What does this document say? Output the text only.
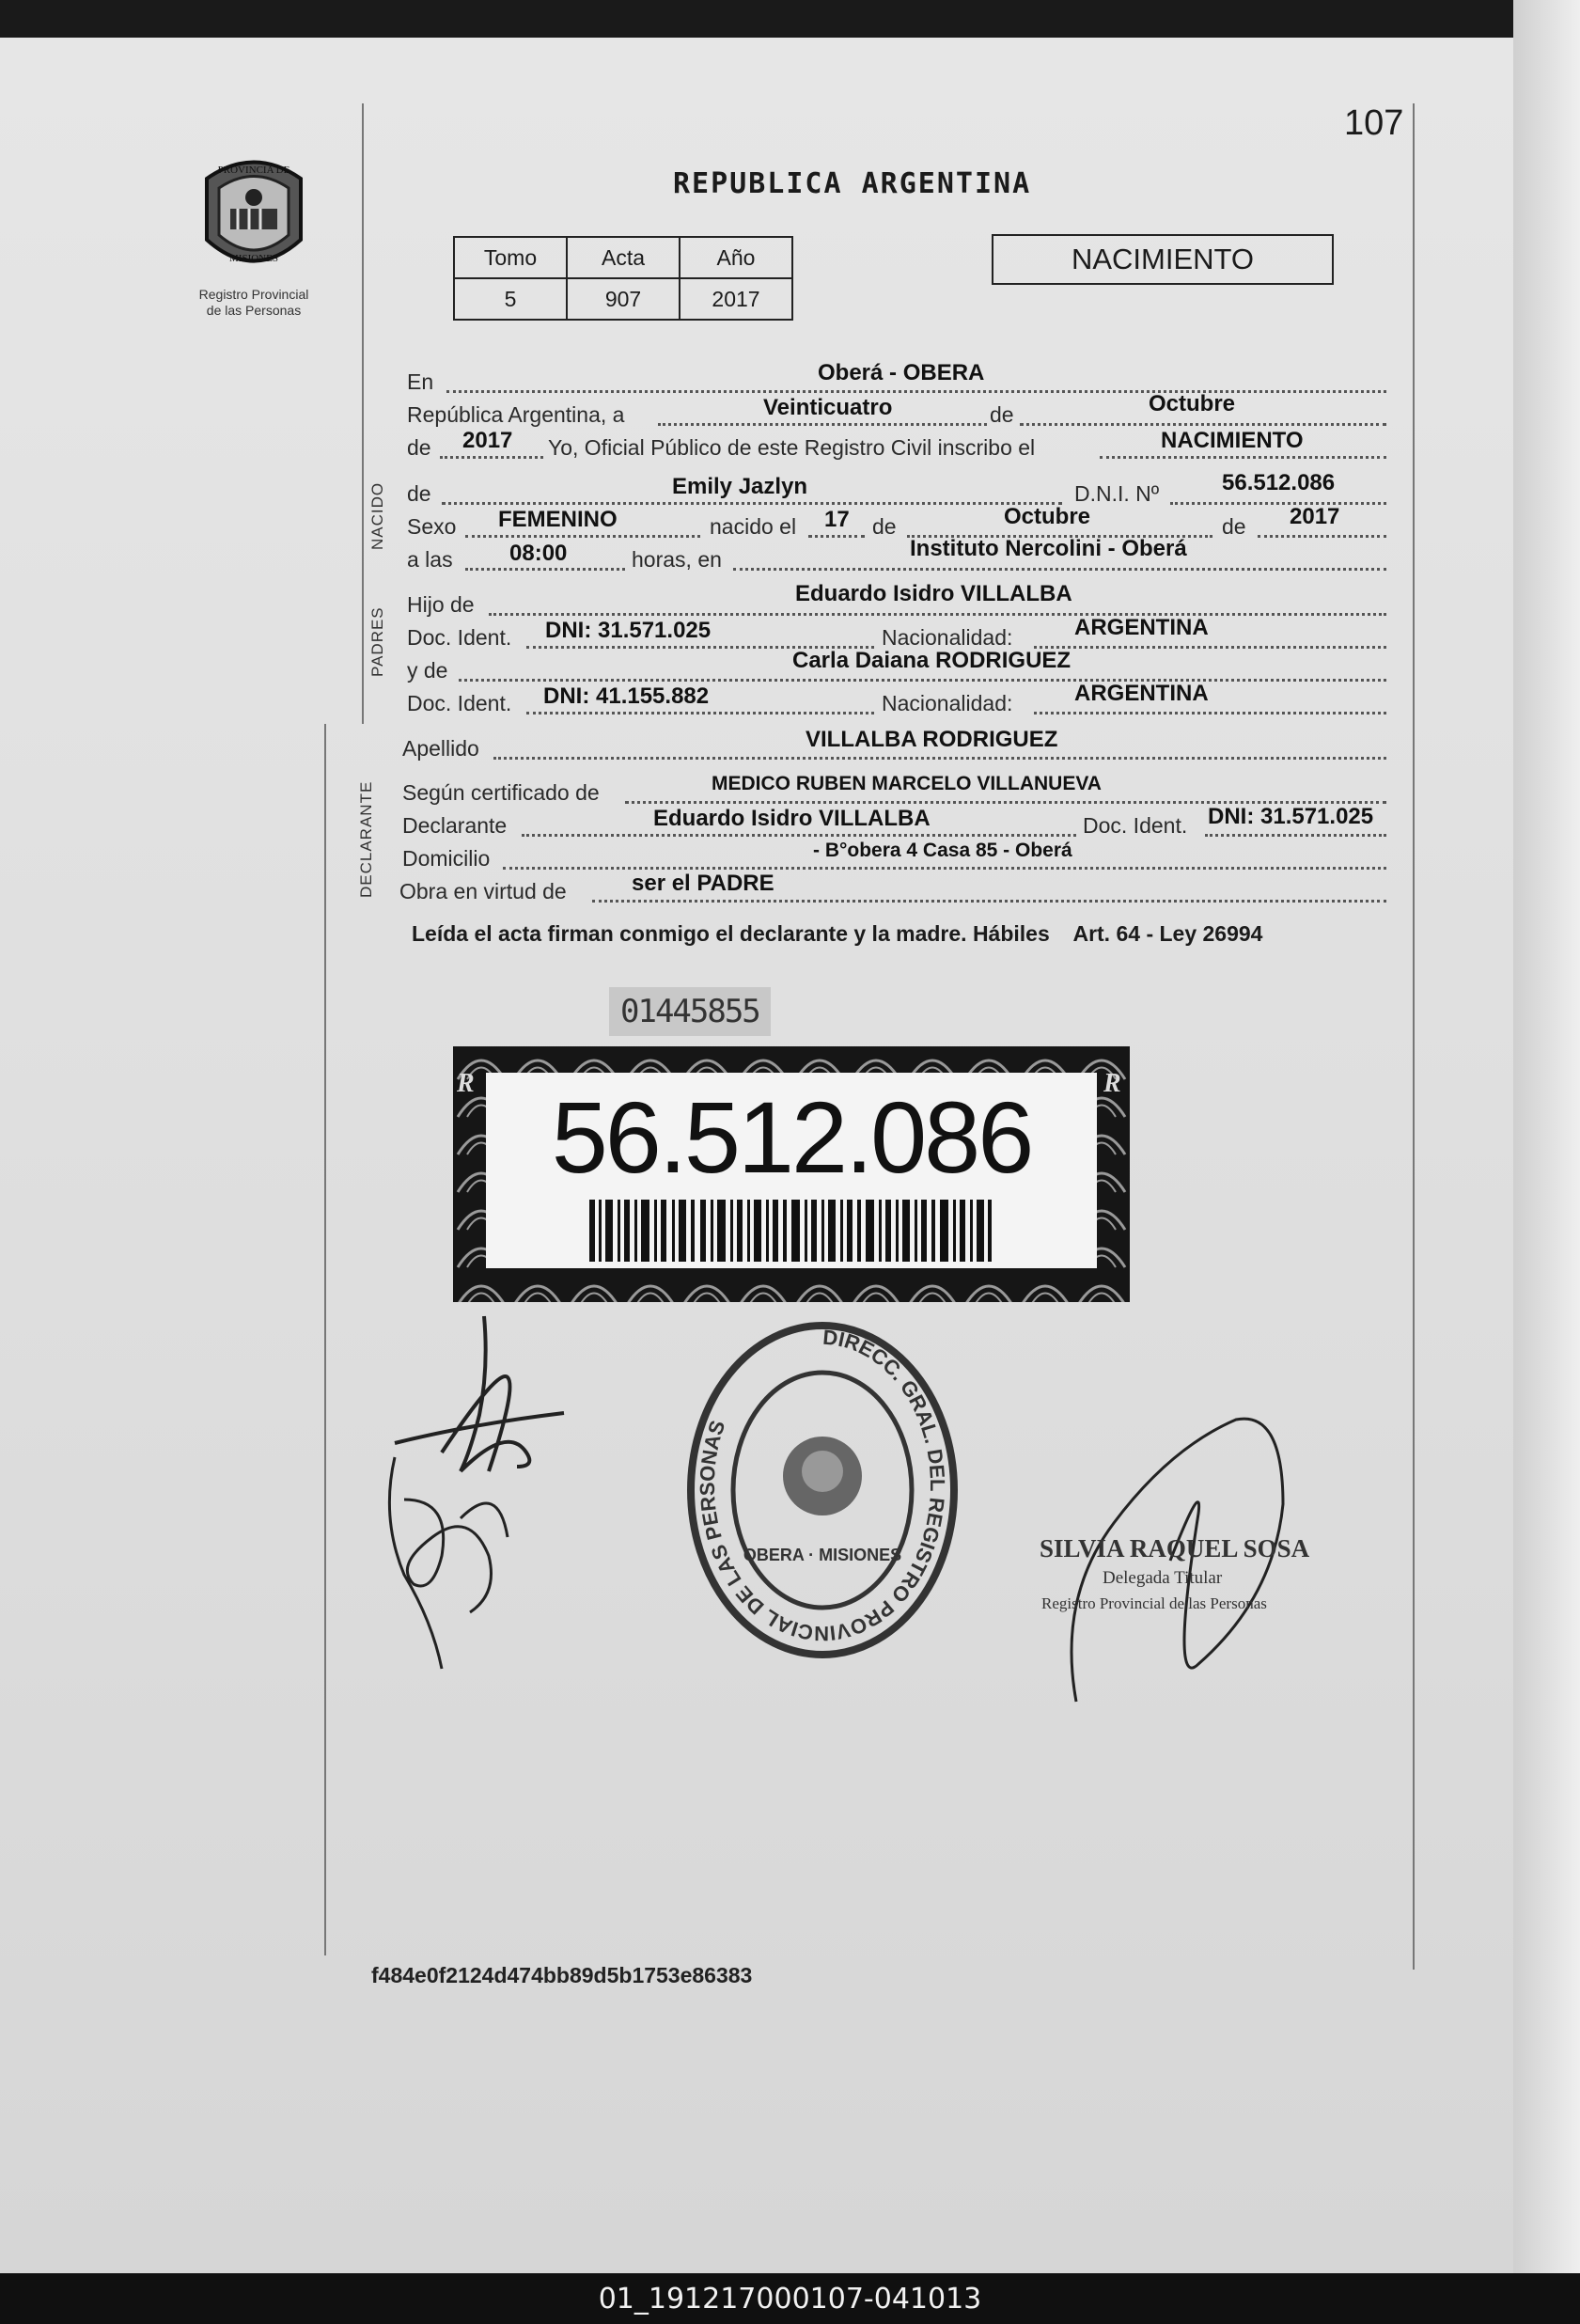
107
PROVINCIA DE
MISIONES
Registro Provincial
de las Personas
REPUBLICA ARGENTINA
Tomo	Acta	Año
5	907	2017
NACIMIENTO
NACIDO
PADRES
DECLARANTE
En	Oberá - OBERA
República Argentina, a	Veinticuatro	de	Octubre
de 2017 Yo, Oficial Público de este Registro Civil inscribo el	NACIMIENTO
de	Emily Jazlyn	D.N.I. Nº	56.512.086
Sexo FEMENINO	nacido el 17 de	Octubre	de 2017
a las	08:00	horas, en	Instituto Nercolini - Oberá
Hijo de	Eduardo Isidro VILLALBA
Doc. Ident. DNI: 31.571.025	Nacionalidad:	ARGENTINA
y de	Carla Daiana RODRIGUEZ
Doc. Ident. DNI: 41.155.882	Nacionalidad:	ARGENTINA
Apellido	VILLALBA RODRIGUEZ
Según certificado de	MEDICO RUBEN MARCELO VILLANUEVA
Declarante	Eduardo Isidro VILLALBA	Doc. Ident. DNI: 31.571.025
Domicilio	- B°obera 4 Casa 85 - Oberá
Obra en virtud de	ser el PADRE
Leída el acta firman conmigo el declarante y la madre. Hábiles    Art. 64 - Ley 26994
01445855
R	R
56.512.086
DIRECC. GRAL. DEL REGISTRO PROVINCIAL DE LAS PERSONAS
OBERA · MISIONES	SILVIA RAQUEL SOSA
Delegada Titular
Registro Provincial de las Personas
f484e0f2124d474bb89d5b1753e86383
01_191217000107-041013
